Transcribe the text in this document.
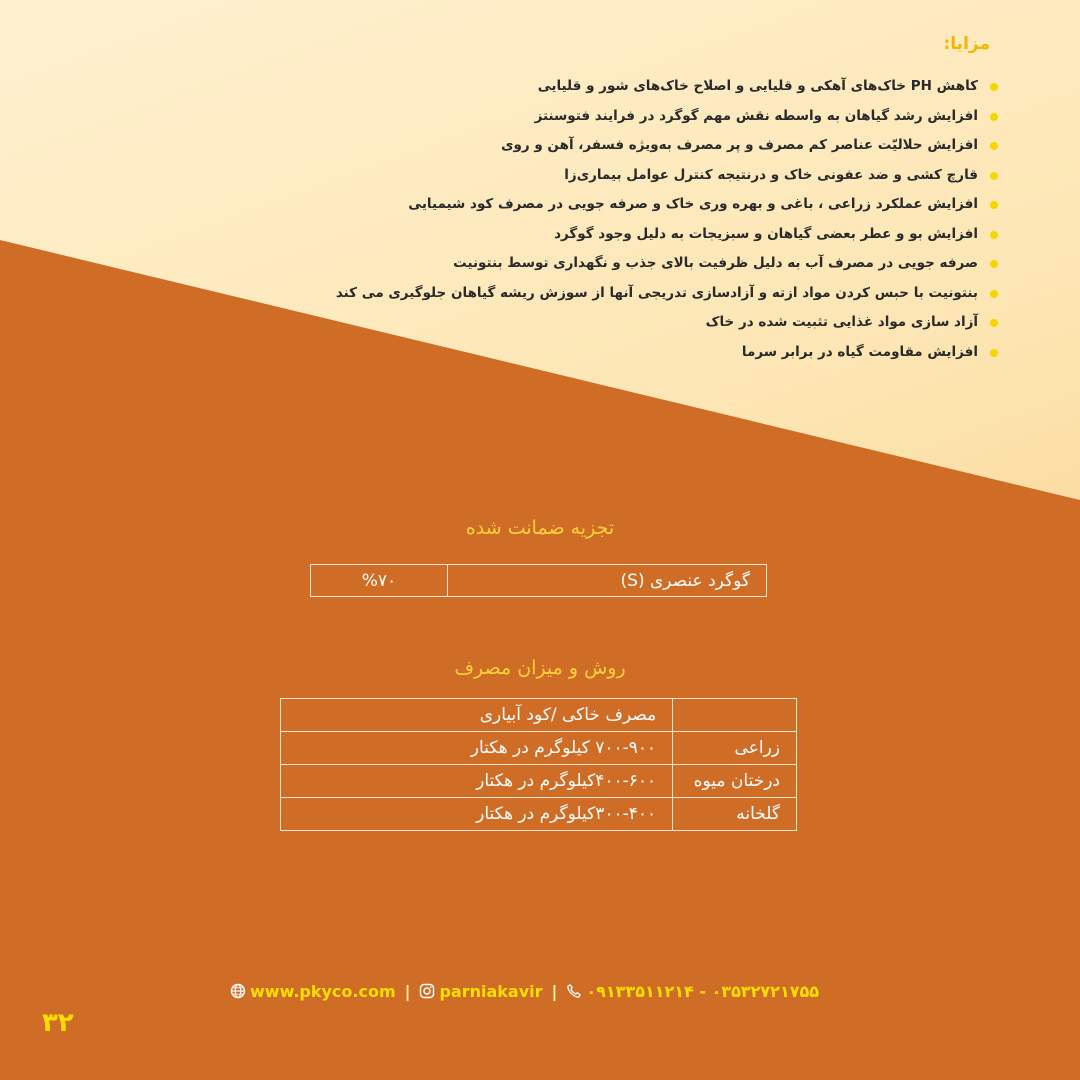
مزایا:
کاهش PH خاک‌های آهکی و قلیایی و اصلاح خاک‌های شور و قلیایی
افزایش رشد گیاهان به واسطه نقش مهم گوگرد در فرایند فتوسنتز
افزایش حلالیّت عناصر کم مصرف و پر مصرف به‌ویژه فسفر، آهن و روی
قارچ کشی و ضد عفونی خاک و درنتیجه کنترل عوامل بیماری‌زا
افزایش عملکرد زراعی ، باغی و بهره وری خاک و صرفه جویی در مصرف کود شیمیایی
افزایش بو و عطر بعضی گیاهان و سبزیجات به دلیل وجود گوگرد
صرفه جویی در مصرف آب به دلیل ظرفیت بالای جذب و نگهداری توسط بنتونیت
بنتونیت با حبس کردن مواد ازته و آزادسازی تدریجی آنها از سوزش ریشه گیاهان جلوگیری می کند
آزاد سازی مواد غذایی تثبیت شده در خاک
افزایش مقاومت گیاه در برابر سرما
تجزیه ضمانت شده
گوگرد عنصری (S)	%۷۰
روش و میزان مصرف
	مصرف خاکی /کود آبیاری
زراعی	۷۰۰-۹۰۰ کیلوگرم در هکتار
درختان میوه	۴۰۰-۶۰۰کیلوگرم در هکتار
گلخانه	۳۰۰-۴۰۰کیلوگرم در هکتار
www.pkyco.com | parniakavir | ۰۹۱۳۳۵۱۱۲۱۴ - ۰۳۵۳۲۷۲۱۷۵۵
۳۲
